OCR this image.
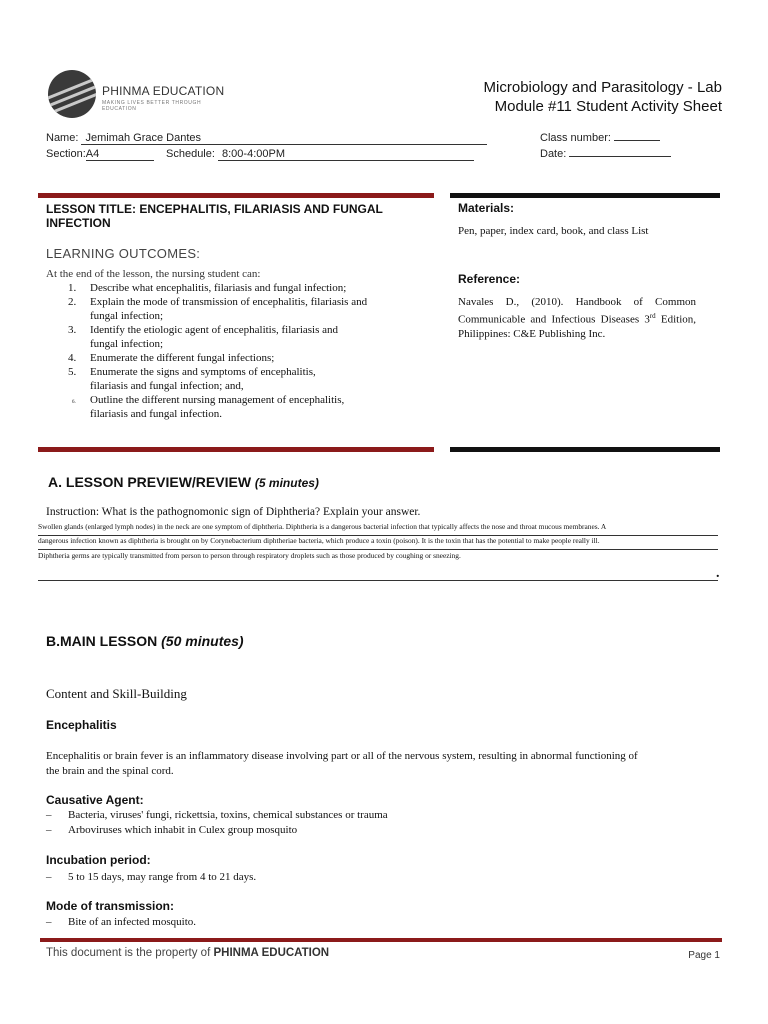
PHINMA EDUCATION
MAKING LIVES BETTER THROUGH EDUCATION
Microbiology and Parasitology - Lab
Module #11 Student Activity Sheet
Name: Jemimah Grace Dantes	Class number:
Section:A4	Schedule: 8:00-4:00PM	Date:
LESSON TITLE: ENCEPHALITIS, FILARIASIS AND FUNGAL
INFECTION
LEARNING OUTCOMES:
At the end of the lesson, the nursing student can:
1. Describe what encephalitis, filariasis and fungal infection;
2. Explain the mode of transmission of encephalitis, filariasis and
fungal infection;
3. Identify the etiologic agent of encephalitis, filariasis and
fungal infection;
4. Enumerate the different fungal infections;
5. Enumerate the signs and symptoms of encephalitis,
filariasis and fungal infection; and,
6. Outline the different nursing management of encephalitis,
filariasis and fungal infection.
Materials:
Pen, paper, index card, book, and class List
Reference:
Navales D., (2010). Handbook of Common Communicable and Infectious Diseases 3rd Edition, Philippines: C&E Publishing Inc.
A. LESSON PREVIEW/REVIEW (5 minutes)
Instruction: What is the pathognomonic sign of Diphtheria? Explain your answer.
Swollen glands (enlarged lymph nodes) in the neck are one symptom of diphtheria. Diphtheria is a dangerous bacterial infection that typically affects the nose and throat mucous membranes. A
dangerous infection known as diphtheria is brought on by Corynebacterium diphtheriae bacteria, which produce a toxin (poison). It is the toxin that has the potential to make people really ill.
Diphtheria germs are typically transmitted from person to person through respiratory droplets such as those produced by coughing or sneezing.
.
B.MAIN LESSON (50 minutes)
Content and Skill-Building
Encephalitis
Encephalitis or brain fever is an inflammatory disease involving part or all of the nervous system, resulting in abnormal functioning of
the brain and the spinal cord.
Causative Agent:
– Bacteria, viruses' fungi, rickettsia, toxins, chemical substances or trauma
– Arboviruses which inhabit in Culex group mosquito
Incubation period:
– 5 to 15 days, may range from 4 to 21 days.
Mode of transmission:
– Bite of an infected mosquito.
This document is the property of PHINMA EDUCATION	Page 1
